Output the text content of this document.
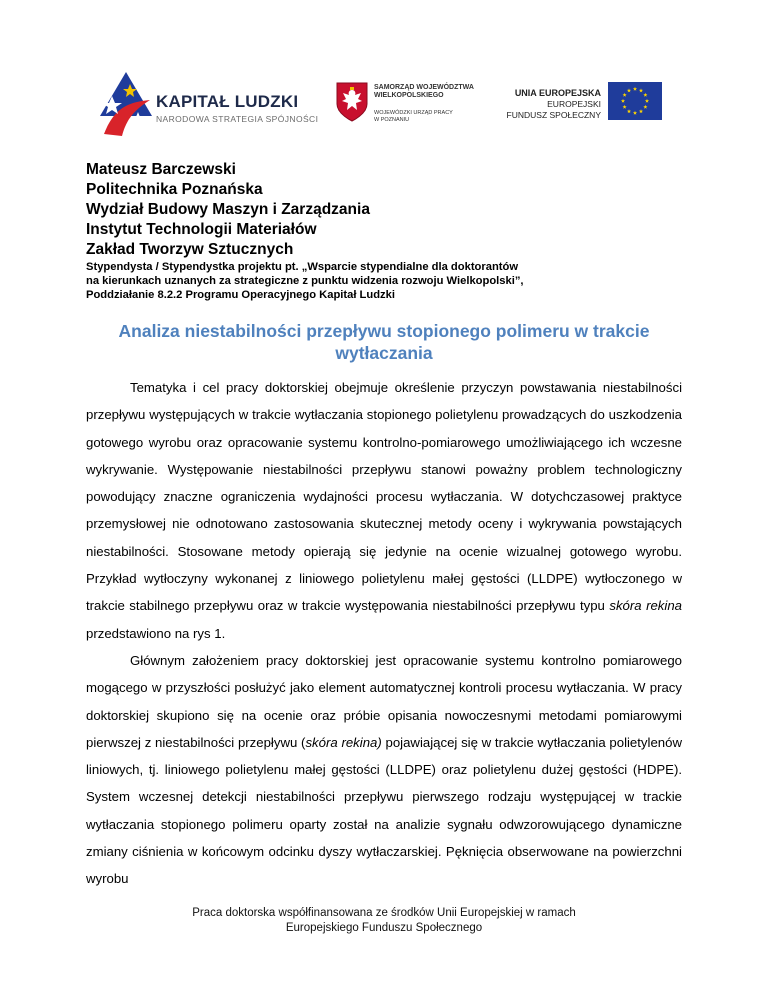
KAPITAŁ LUDZKI
NARODOWA STRATEGIA SPÓJNOŚCI
SAMORZĄD WOJEWÓDZTWA
WIELKOPOLSKIEGO
WOJEWÓDZKI URZĄD PRACY
W POZNANIU
UNIA EUROPEJSKA
EUROPEJSKI
FUNDUSZ SPOŁECZNY
Mateusz Barczewski
Politechnika Poznańska
Wydział Budowy Maszyn i Zarządzania
Instytut Technologii Materiałów
Zakład Tworzyw Sztucznych
Stypendysta / Stypendystka projektu pt. „Wsparcie stypendialne dla doktorantów
na kierunkach uznanych za strategiczne z punktu widzenia rozwoju Wielkopolski”,
Poddziałanie 8.2.2 Programu Operacyjnego Kapitał Ludzki
Analiza niestabilności przepływu stopionego polimeru w trakcie wytłaczania

Tematyka i cel pracy doktorskiej obejmuje określenie przyczyn powstawania niestabilności przepływu występujących w trakcie wytłaczania stopionego polietylenu prowadzących do uszkodzenia gotowego wyrobu oraz opracowanie systemu kontrolno-pomiarowego umożliwiającego ich wczesne wykrywanie. Występowanie niestabilności przepływu stanowi poważny problem technologiczny powodujący znaczne ograniczenia wydajności procesu wytłaczania. W dotychczasowej praktyce przemysłowej nie odnotowano zastosowania skutecznej metody oceny i wykrywania powstających niestabilności. Stosowane metody opierają się jedynie na ocenie wizualnej gotowego wyrobu. Przykład wytłoczyny wykonanej z liniowego polietylenu małej gęstości (LLDPE) wytłoczonego w trakcie stabilnego przepływu oraz w trakcie występowania niestabilności przepływu typu skóra rekina przedstawiono na rys 1.

Głównym założeniem pracy doktorskiej jest opracowanie systemu kontrolno pomiarowego mogącego w przyszłości posłużyć jako element automatycznej kontroli procesu wytłaczania. W pracy doktorskiej skupiono się na ocenie oraz próbie opisania nowoczesnymi metodami pomiarowymi pierwszej z niestabilności przepływu (skóra rekina) pojawiającej się w trakcie wytłaczania polietylenów liniowych, tj. liniowego polietylenu małej gęstości (LLDPE) oraz polietylenu dużej gęstości (HDPE). System wczesnej detekcji niestabilności przepływu pierwszego rodzaju występującej w trackie wytłaczania stopionego polimeru oparty został na analizie sygnału odwzorowującego dynamiczne zmiany ciśnienia w końcowym odcinku dyszy wytłaczarskiej. Pęknięcia obserwowane na powierzchni wyrobu

Praca doktorska współfinansowana ze środków Unii Europejskiej w ramach
Europejskiego Funduszu Społecznego
